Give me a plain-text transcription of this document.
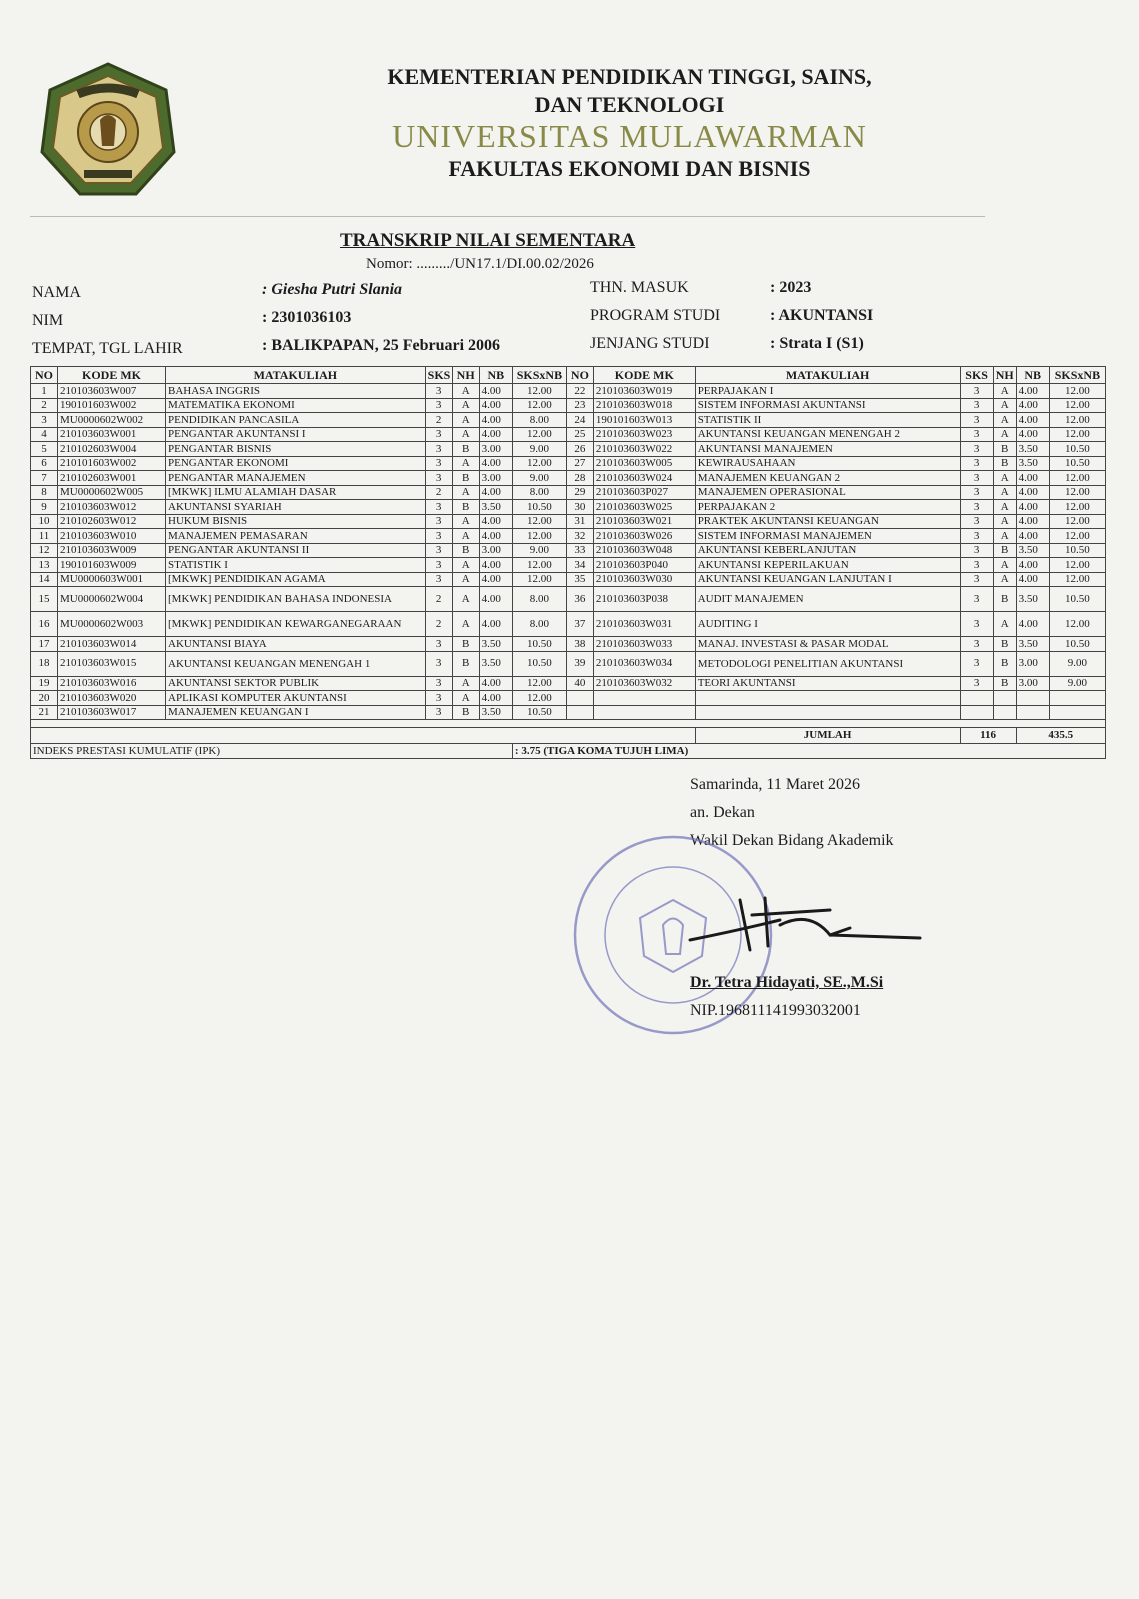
KEMENTERIAN PENDIDIKAN TINGGI, SAINS,
DAN TEKNOLOGI
UNIVERSITAS MULAWARMAN
FAKULTAS EKONOMI DAN BISNIS
TRANSKRIP NILAI SEMENTARA
Nomor: ........./UN17.1/DI.00.02/2026
NAMA	: Giesha Putri Slania
NIM	: 2301036103
TEMPAT, TGL LAHIR	: BALIKPAPAN, 25 Februari 2006
THN. MASUK	: 2023
PROGRAM STUDI	: AKUNTANSI
JENJANG STUDI	: Strata I (S1)
NO	KODE MK	MATAKULIAH	SKS	NH	NB	SKSxNB	NO	KODE MK	MATAKULIAH	SKS	NH	NB	SKSxNB
1	210103603W007	BAHASA INGGRIS	3	A	4.00	12.00	22	210103603W019	PERPAJAKAN I	3	A	4.00	12.00
2	190101603W002	MATEMATIKA EKONOMI	3	A	4.00	12.00	23	210103603W018	SISTEM INFORMASI AKUNTANSI	3	A	4.00	12.00
3	MU0000602W002	PENDIDIKAN PANCASILA	2	A	4.00	8.00	24	190101603W013	STATISTIK II	3	A	4.00	12.00
4	210103603W001	PENGANTAR AKUNTANSI I	3	A	4.00	12.00	25	210103603W023	AKUNTANSI KEUANGAN MENENGAH 2	3	A	4.00	12.00
5	210102603W004	PENGANTAR BISNIS	3	B	3.00	9.00	26	210103603W022	AKUNTANSI MANAJEMEN	3	B	3.50	10.50
6	210101603W002	PENGANTAR EKONOMI	3	A	4.00	12.00	27	210103603W005	KEWIRAUSAHAAN	3	B	3.50	10.50
7	210102603W001	PENGANTAR MANAJEMEN	3	B	3.00	9.00	28	210103603W024	MANAJEMEN KEUANGAN 2	3	A	4.00	12.00
8	MU0000602W005	[MKWK] ILMU ALAMIAH DASAR	2	A	4.00	8.00	29	210103603P027	MANAJEMEN OPERASIONAL	3	A	4.00	12.00
9	210103603W012	AKUNTANSI SYARIAH	3	B	3.50	10.50	30	210103603W025	PERPAJAKAN 2	3	A	4.00	12.00
10	210102603W012	HUKUM BISNIS	3	A	4.00	12.00	31	210103603W021	PRAKTEK AKUNTANSI KEUANGAN	3	A	4.00	12.00
11	210103603W010	MANAJEMEN PEMASARAN	3	A	4.00	12.00	32	210103603W026	SISTEM INFORMASI MANAJEMEN	3	A	4.00	12.00
12	210103603W009	PENGANTAR AKUNTANSI II	3	B	3.00	9.00	33	210103603W048	AKUNTANSI KEBERLANJUTAN	3	B	3.50	10.50
13	190101603W009	STATISTIK I	3	A	4.00	12.00	34	210103603P040	AKUNTANSI KEPERILAKUAN	3	A	4.00	12.00
14	MU0000603W001	[MKWK] PENDIDIKAN AGAMA	3	A	4.00	12.00	35	210103603W030	AKUNTANSI KEUANGAN LANJUTAN I	3	A	4.00	12.00
15	MU0000602W004	[MKWK] PENDIDIKAN BAHASA INDONESIA	2	A	4.00	8.00	36	210103603P038	AUDIT MANAJEMEN	3	B	3.50	10.50
16	MU0000602W003	[MKWK] PENDIDIKAN KEWARGANEGARAAN	2	A	4.00	8.00	37	210103603W031	AUDITING I	3	A	4.00	12.00
17	210103603W014	AKUNTANSI BIAYA	3	B	3.50	10.50	38	210103603W033	MANAJ. INVESTASI & PASAR MODAL	3	B	3.50	10.50
18	210103603W015	AKUNTANSI KEUANGAN MENENGAH 1	3	B	3.50	10.50	39	210103603W034	METODOLOGI PENELITIAN AKUNTANSI	3	B	3.00	9.00
19	210103603W016	AKUNTANSI SEKTOR PUBLIK	3	A	4.00	12.00	40	210103603W032	TEORI AKUNTANSI	3	B	3.00	9.00
20	210103603W020	APLIKASI KOMPUTER AKUNTANSI	3	A	4.00	12.00							
21	210103603W017	MANAJEMEN KEUANGAN I	3	B	3.50	10.50							

									JUMLAH	116		435.5	
INDEKS PRESTASI KUMULATIF (IPK)						: 3.75 (TIGA KOMA TUJUH LIMA)							
Samarinda, 11 Maret 2026
an. Dekan
Wakil Dekan Bidang Akademik
Dr. Tetra Hidayati, SE.,M.Si
NIP.196811141993032001
